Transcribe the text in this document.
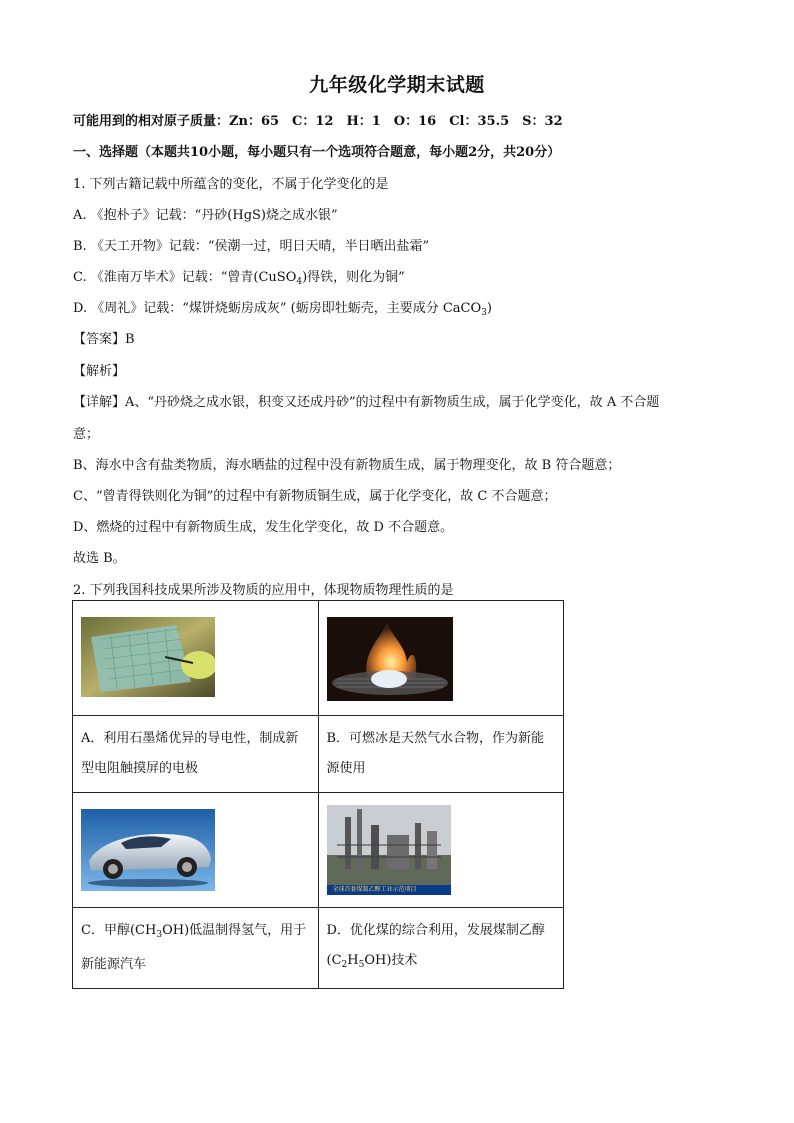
九年级化学期末试题
可能用到的相对原子质量：Zn：65　C：12　H：1　O：16　Cl：35.5　S：32
一、选择题（本题共10小题，每小题只有一个选项符合题意，每小题2分，共20分）
1. 下列古籍记载中所蕴含的变化，不属于化学变化的是
A. 《抱朴子》记载：“丹砂(HgS)烧之成水银”
B. 《天工开物》记载：“侯潮一过，明日天晴，半日晒出盐霜”
C. 《淮南万毕术》记载：“曾青(CuSO$_4$)得铁，则化为铜”
D. 《周礼》记载：“煤饼烧蛎房成灰” (蛎房即牡蛎壳，主要成分 CaCO$_3$)
【答案】B
【解析】
【详解】A、“丹砂烧之成水银，积变又还成丹砂”的过程中有新物质生成，属于化学变化，故 A 不合题
意；
B、海水中含有盐类物质，海水晒盐的过程中没有新物质生成，属于物理变化，故 B 符合题意；
C、“曾青得铁则化为铜”的过程中有新物质铜生成，属于化学变化，故 C 不合题意；
D、燃烧的过程中有新物质生成，发生化学变化，故 D 不合题意。
故选 B。
2. 下列我国科技成果所涉及物质的应用中，体现物质物理性质的是

A．利用石墨烯优异的导电性，制成新型电阻触摸屏的电极	B．可燃冰是天然气水合物，作为新能源使用

全球首套煤制乙醇工业示范项目

C．甲醇$(CH_3OH)$低温制得氢气，用于新能源汽车	D．优化煤的综合利用，发展煤制乙醇
$(C_2H_5OH)$技术
